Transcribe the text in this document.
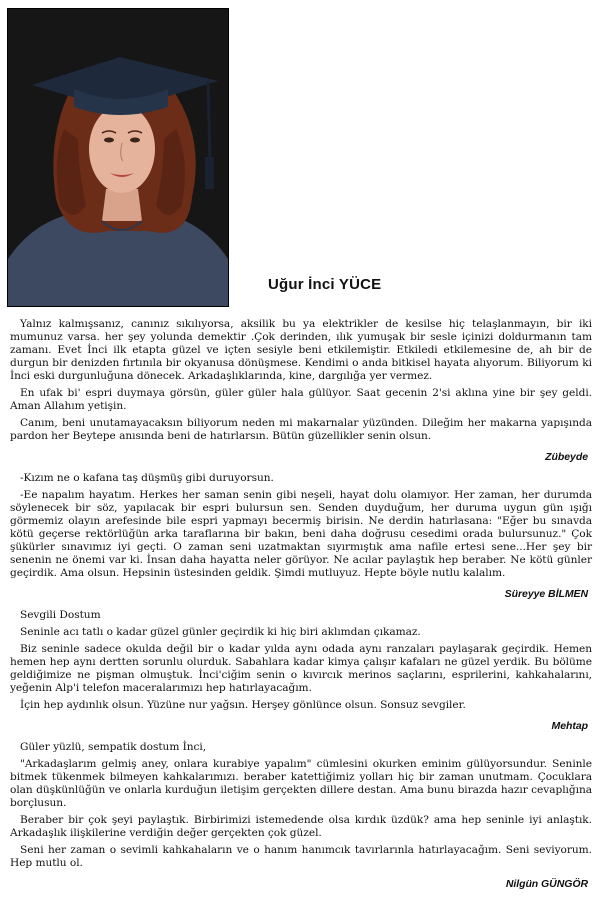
Uğur İnci YÜCE

Yalnız kalmışsanız, canınız sıkılıyorsa, aksilik bu ya elektrikler de kesilse hiç telaşlanmayın, bir iki mumunuz varsa. her şey yolunda demektir .Çok derinden, ılık yumuşak bir sesle içinizi doldurmanın tam zamanı. Evet İnci ilk etapta güzel ve içten sesiyle beni etkilemiştir. Etkiledi etkilemesine de, ah bir de durgun bir denizden fırtınıla bir okyanusa dönüşmese. Kendimi o anda bitkisel hayata alıyorum. Biliyorum ki İnci eski durgunluğuna dönecek. Arkadaşlıklarında, kine, dargılığa yer vermez.

En ufak bi' espri duymaya görsün, güler güler hala gülüyor. Saat gecenin 2'si aklına yine bir şey geldi. Aman Allahım yetişin.

Canım, beni unutamayacaksın biliyorum neden mi makarnalar yüzünden. Dileğim her makarna yapışında pardon her Beytepe anısında beni de hatırlarsın. Bütün güzellikler senin olsun.

Zübeyde

-Kızım ne o kafana taş düşmüş gibi duruyorsun.

-Ee napalım hayatım. Herkes her saman senin gibi neşeli, hayat dolu olamıyor. Her zaman, her durumda söylenecek bir söz, yapılacak bir espri bulursun sen. Senden duyduğum, her duruma uygun gün ışığı görmemiz olayın arefesinde bile espri yapmayı becermiş birisin. Ne derdin hatırlasana: "Eğer bu sınavda kötü geçerse rektörlüğün arka taraflarına bir bakın, beni daha doğrusu cesedimi orada bulursunuz." Çok şükürler sınavımız iyi geçti. O zaman seni uzatmaktan sıyırmıştık ama nafile ertesi sene...Her şey bir senenin ne önemi var ki. İnsan daha hayatta neler görüyor. Ne acılar paylaştık hep beraber. Ne kötü günler geçirdik. Ama olsun. Hepsinin üstesinden geldik. Şimdi mutluyuz. Hepte böyle nutlu kalalım.

Süreyye BİLMEN

Sevgili Dostum

Seninle acı tatlı o kadar güzel günler geçirdik ki hiç biri aklımdan çıkamaz.

Biz seninle sadece okulda değil bir o kadar yılda aynı odada aynı ranzaları paylaşarak geçirdik. Hemen hemen hep aynı dertten sorunlu olurduk. Sabahlara kadar kimya çalışır kafaları ne güzel yerdik. Bu bölüme geldiğimize ne pişman olmuştuk. İnci'ciğim senin o kıvırcık merinos saçlarını, esprilerini, kahkahalarını, yeğenin Alp'i telefon maceralarımızı hep hatırlayacağım.

İçin hep aydınlık olsun. Yüzüne nur yağsın. Herşey gönlünce olsun. Sonsuz sevgiler.

Mehtap

Güler yüzlü, sempatik dostum İnci,

"Arkadaşlarım gelmiş aney, onlara kurabiye yapalım" cümlesini okurken eminim gülüyorsundur. Seninle bitmek tükenmek bilmeyen kahkalarımızı. beraber katettiğimiz yolları hiç bir zaman unutmam. Çocuklara olan düşkünlüğün ve onlarla kurduğun iletişim gerçekten dillere destan. Ama bunu birazda hazır cevaplığına borçlusun.

Beraber bir çok şeyi paylaştık. Birbirimizi istemedende olsa kırdık üzdük? ama hep seninle iyi anlaştık. Arkadaşlık ilişkilerine verdiğin değer gerçekten çok güzel.

Seni her zaman o sevimli kahkahaların ve o hanım hanımcık tavırlarınla hatırlayacağım. Seni seviyorum. Hep mutlu ol.

Nilgün GÜNGÖR
